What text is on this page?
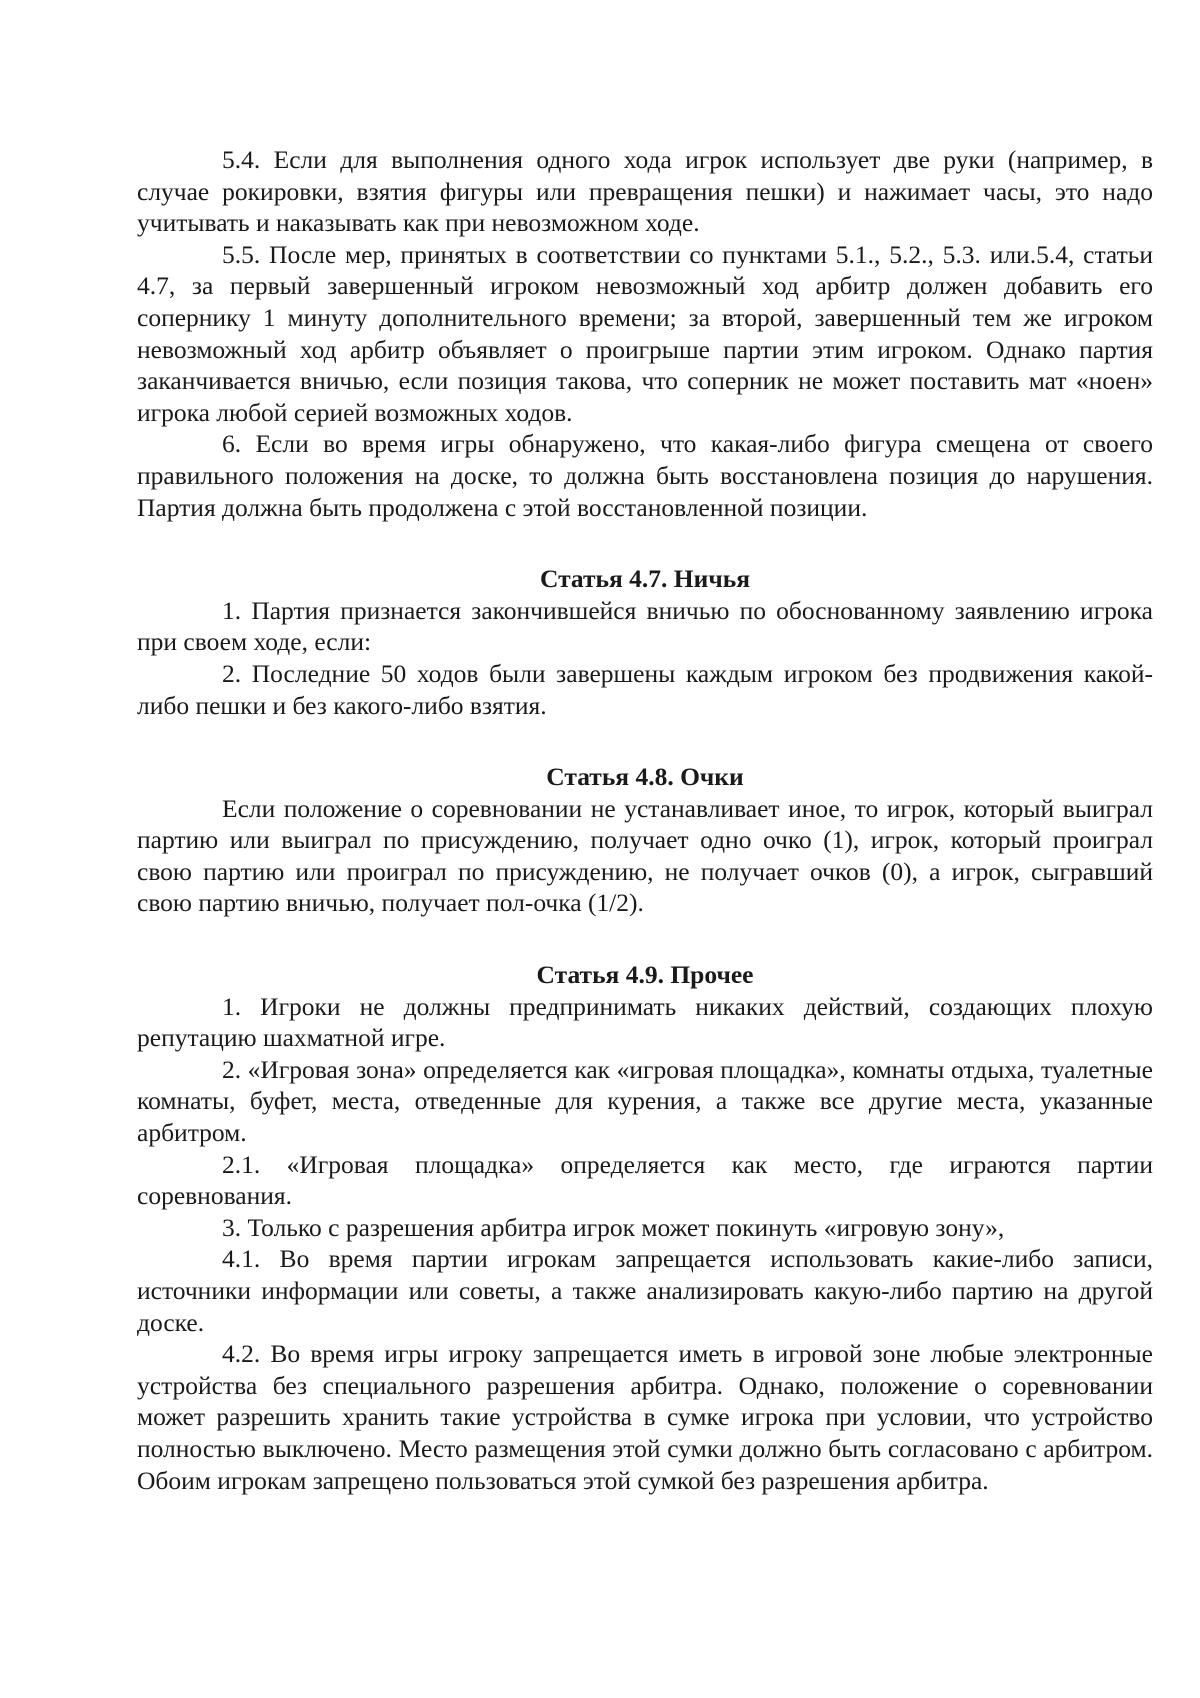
5.4. Если для выполнения одного хода игрок использует две руки (например, в случае рокировки, взятия фигуры или превращения пешки) и нажимает часы, это надо учитывать и наказывать как при невозможном ходе.

5.5. После мер, принятых в соответствии со пунктами 5.1., 5.2., 5.3. или.5.4, статьи 4.7, за первый завершенный игроком невозможный ход арбитр должен добавить его сопернику 1 минуту дополнительного времени; за второй, завершенный тем же игроком невозможный ход арбитр объявляет о проигрыше партии этим игроком. Однако партия заканчивается вничью, если позиция такова, что соперник не может поставить мат «ноен» игрока любой серией возможных ходов.

6. Если во время игры обнаружено, что какая-либо фигура смещена от своего правильного положения на доске, то должна быть восстановлена позиция до нарушения. Партия должна быть продолжена с этой восстановленной позиции.

Статья 4.7. Ничья

1. Партия признается закончившейся вничью по обоснованному заявлению игрока при своем ходе, если:

2. Последние 50 ходов были завершены каждым игроком без продвижения какой-либо пешки и без какого-либо взятия.

Статья 4.8. Очки

Если положение о соревновании не устанавливает иное, то игрок, который выиграл партию или выиграл по присуждению, получает одно очко (1), игрок, который проиграл свою партию или проиграл по присуждению, не получает очков (0), а игрок, сыгравший свою партию вничью, получает пол-очка (1/2).

Статья 4.9. Прочее

1. Игроки не должны предпринимать никаких действий, создающих плохую репутацию шахматной игре.

2. «Игровая зона» определяется как «игровая площадка», комнаты отдыха, туалетные комнаты, буфет, места, отведенные для курения, а также все другие места, указанные арбитром.

2.1. «Игровая площадка» определяется как место, где играются партии соревнования.

3. Только с разрешения арбитра игрок может покинуть «игровую зону»,

4.1. Во время партии игрокам запрещается использовать какие-либо записи, источники информации или советы, а также анализировать какую-либо партию на другой доске.

4.2. Во время игры игроку запрещается иметь в игровой зоне любые электронные устройства без специального разрешения арбитра. Однако, положение о соревновании может разрешить хранить такие устройства в сумке игрока при условии, что устройство полностью выключено. Место размещения этой сумки должно быть согласовано с арбитром. Обоим игрокам запрещено пользоваться этой сумкой без разрешения арбитра.
